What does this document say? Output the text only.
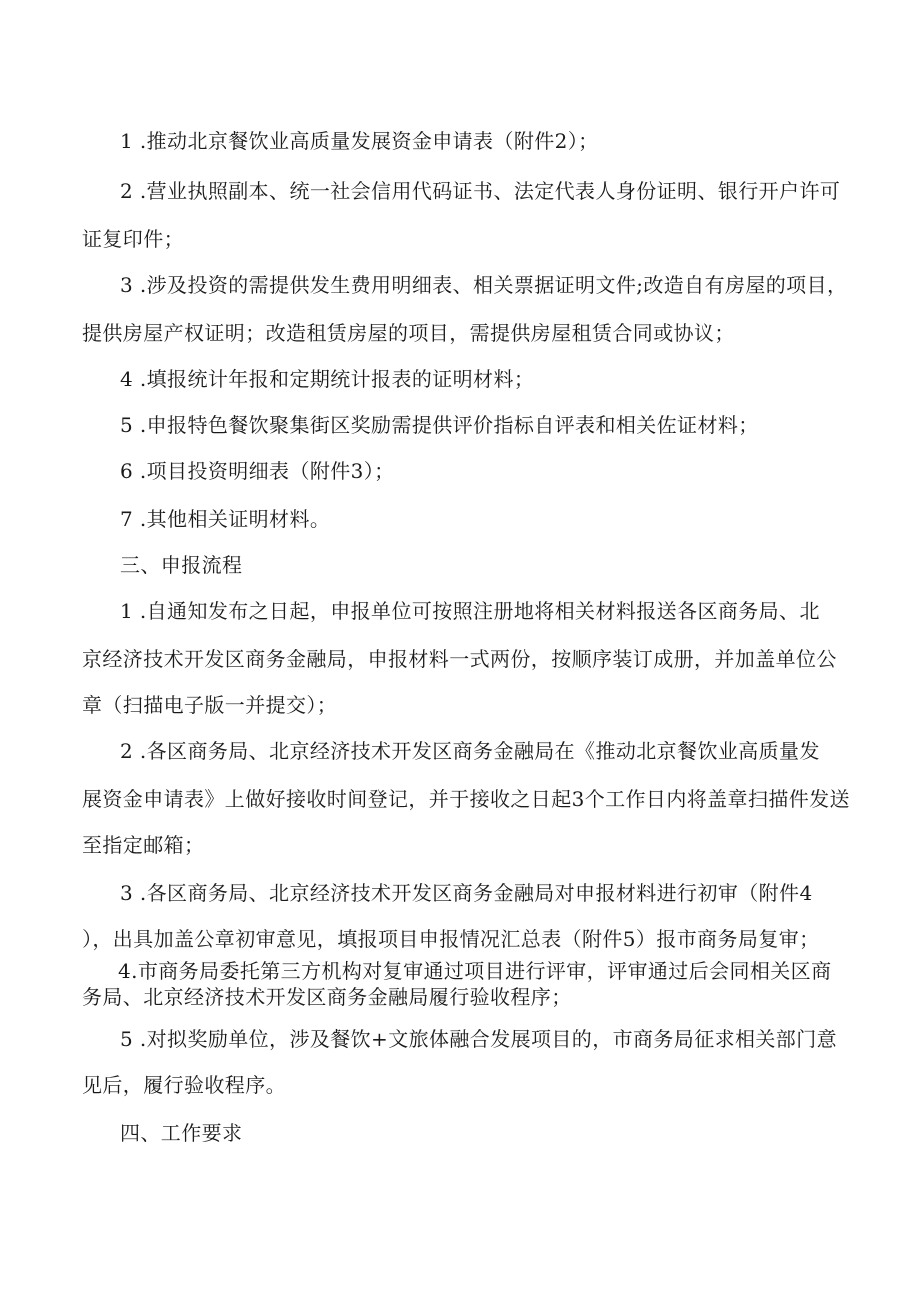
1 .推动北京餐饮业高质量发展资金申请表（附件2）；
2 .营业执照副本、统一社会信用代码证书、法定代表人身份证明、银行开户许可
证复印件；
3 .涉及投资的需提供发生费用明细表、相关票据证明文件;改造自有房屋的项目，
提供房屋产权证明；改造租赁房屋的项目，需提供房屋租赁合同或协议；
4 .填报统计年报和定期统计报表的证明材料；
5 .申报特色餐饮聚集街区奖励需提供评价指标自评表和相关佐证材料；
6 .项目投资明细表（附件3）；
7 .其他相关证明材料。
三、申报流程
1 .自通知发布之日起，申报单位可按照注册地将相关材料报送各区商务局、北
京经济技术开发区商务金融局，申报材料一式两份，按顺序装订成册，并加盖单位公
章（扫描电子版一并提交）；
2 .各区商务局、北京经济技术开发区商务金融局在《推动北京餐饮业高质量发
展资金申请表》上做好接收时间登记，并于接收之日起3个工作日内将盖章扫描件发送
至指定邮箱；
3 .各区商务局、北京经济技术开发区商务金融局对申报材料进行初审（附件4
），出具加盖公章初审意见，填报项目申报情况汇总表（附件5）报市商务局复审；
4.市商务局委托第三方机构对复审通过项目进行评审，评审通过后会同相关区商
务局、北京经济技术开发区商务金融局履行验收程序；
5 .对拟奖励单位，涉及餐饮+文旅体融合发展项目的，市商务局征求相关部门意
见后，履行验收程序。
四、工作要求
